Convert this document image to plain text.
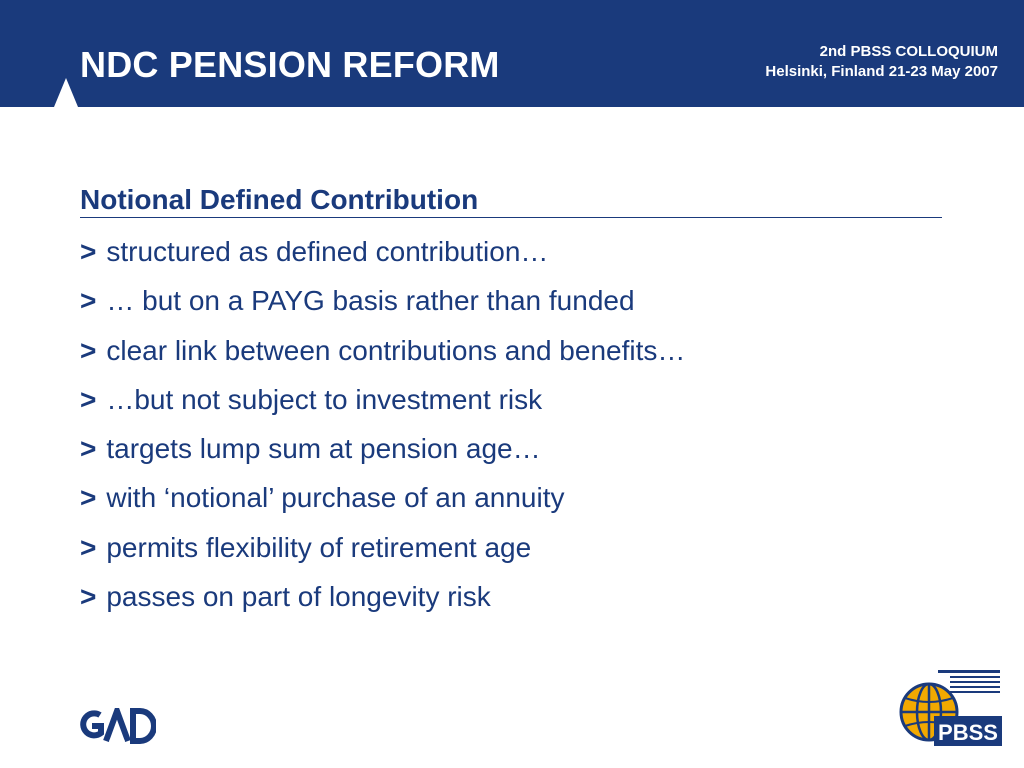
NDC PENSION REFORM	2nd PBSS COLLOQUIUM
Helsinki, Finland 21-23 May 2007
Notional Defined Contribution
> structured as defined contribution…
> … but on a PAYG basis rather than funded
> clear link between contributions and benefits…
> …but not subject to investment risk
> targets lump sum at pension age…
> with ‘notional’ purchase of an annuity
> permits flexibility of retirement age
> passes on part of longevity risk
PBSS
